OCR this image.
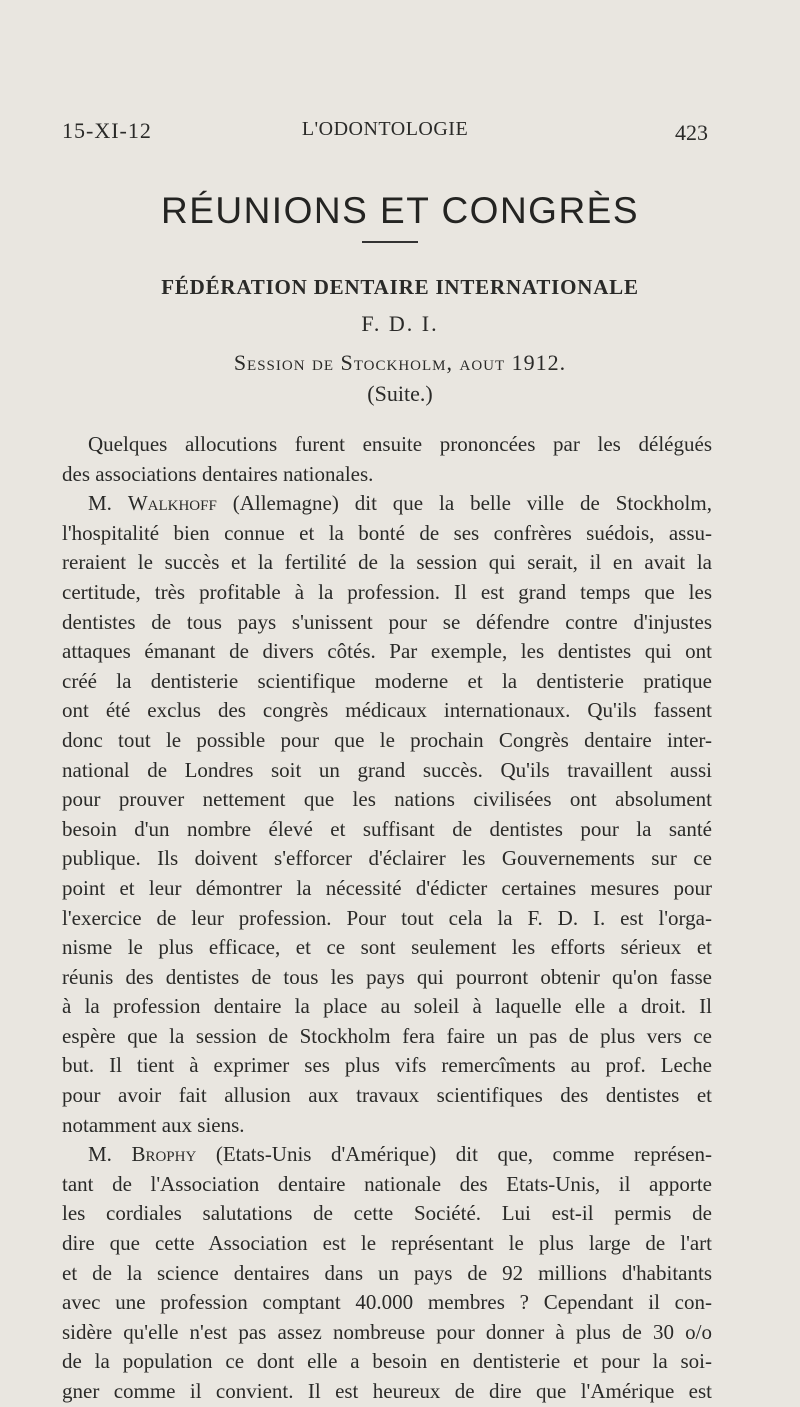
15-XI-12	L'ODONTOLOGIE	423
RÉUNIONS ET CONGRÈS
FÉDÉRATION DENTAIRE INTERNATIONALE
F. D. I.
Session de Stockholm, aout 1912.
(Suite.)
Quelques allocutions furent ensuite prononcées par les délégués
des associations dentaires nationales.
M. Walkhoff (Allemagne) dit que la belle ville de Stockholm,
l'hospitalité bien connue et la bonté de ses confrères suédois, assu-
reraient le succès et la fertilité de la session qui serait, il en avait la
certitude, très profitable à la profession. Il est grand temps que les
dentistes de tous pays s'unissent pour se défendre contre d'injustes
attaques émanant de divers côtés. Par exemple, les dentistes qui ont
créé la dentisterie scientifique moderne et la dentisterie pratique
ont été exclus des congrès médicaux internationaux. Qu'ils fassent
donc tout le possible pour que le prochain Congrès dentaire inter-
national de Londres soit un grand succès. Qu'ils travaillent aussi
pour prouver nettement que les nations civilisées ont absolument
besoin d'un nombre élevé et suffisant de dentistes pour la santé
publique. Ils doivent s'efforcer d'éclairer les Gouvernements sur ce
point et leur démontrer la nécessité d'édicter certaines mesures pour
l'exercice de leur profession. Pour tout cela la F. D. I. est l'orga-
nisme le plus efficace, et ce sont seulement les efforts sérieux et
réunis des dentistes de tous les pays qui pourront obtenir qu'on fasse
à la profession dentaire la place au soleil à laquelle elle a droit. Il
espère que la session de Stockholm fera faire un pas de plus vers ce
but. Il tient à exprimer ses plus vifs remercîments au prof. Leche
pour avoir fait allusion aux travaux scientifiques des dentistes et
notamment aux siens.
M. Brophy (Etats-Unis d'Amérique) dit que, comme représen-
tant de l'Association dentaire nationale des Etats-Unis, il apporte
les cordiales salutations de cette Société. Lui est-il permis de
dire que cette Association est le représentant le plus large de l'art
et de la science dentaires dans un pays de 92 millions d'habitants
avec une profession comptant 40.000 membres ? Cependant il con-
sidère qu'elle n'est pas assez nombreuse pour donner à plus de 30 o/o
de la population ce dont elle a besoin en dentisterie et pour la soi-
gner comme il convient. Il est heureux de dire que l'Amérique est
